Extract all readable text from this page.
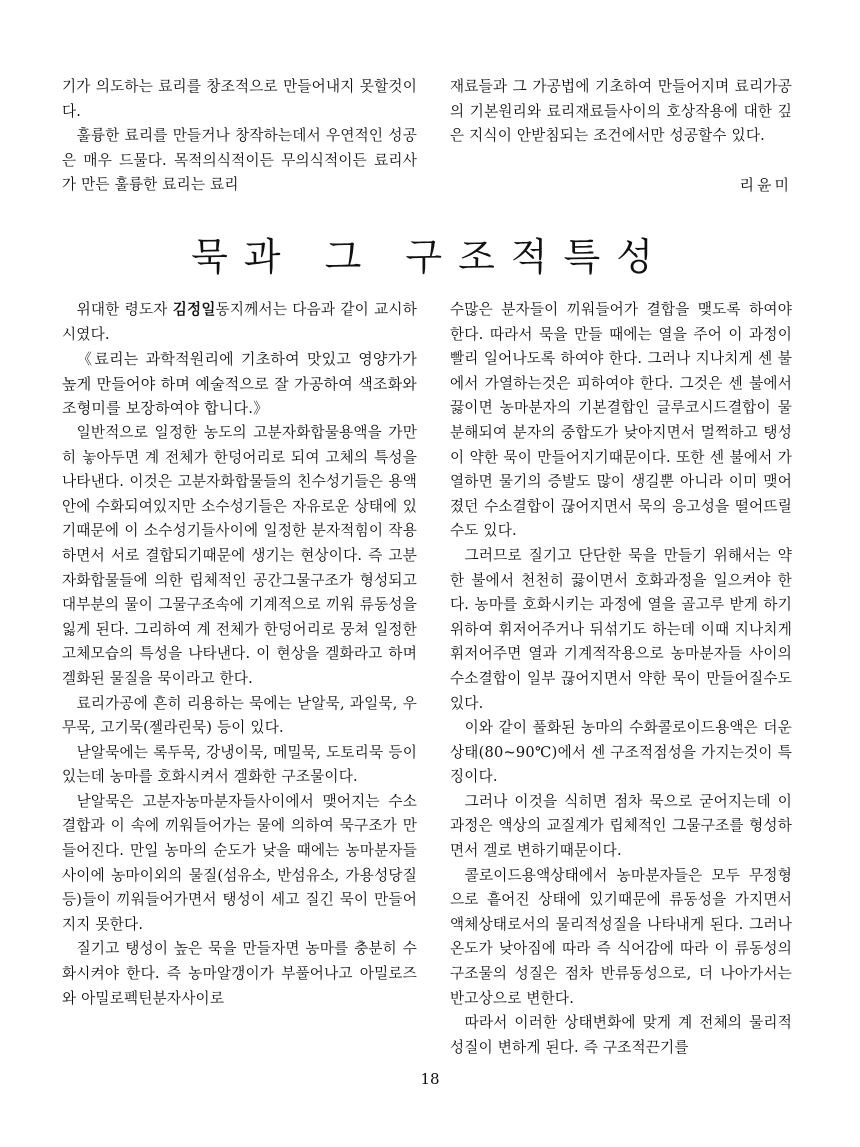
기가 의도하는 료리를 창조적으로 만들어내지 못할것이다.

훌륭한 료리를 만들거나 창작하는데서 우연적인 성공은 매우 드물다. 목적의식적이든 무의식적이든 료리사가 만든 훌륭한 료리는 료리

재료들과 그 가공법에 기초하여 만들어지며 료리가공의 기본원리와 료리재료들사이의 호상작용에 대한 깊은 지식이 안받침되는 조건에서만 성공할수 있다.

리윤미
묵과 그 구조적특성

위대한 령도자 김정일동지께서는 다음과 같이 교시하시였다.

《료리는 과학적원리에 기초하여 맛있고 영양가가 높게 만들어야 하며 예술적으로 잘 가공하여 색조화와 조형미를 보장하여야 합니다.》

일반적으로 일정한 농도의 고분자화합물용액을 가만히 놓아두면 계 전체가 한덩어리로 되여 고체의 특성을 나타낸다. 이것은 고분자화합물들의 친수성기들은 용액안에 수화되여있지만 소수성기들은 자유로운 상태에 있기때문에 이 소수성기들사이에 일정한 분자적힘이 작용하면서 서로 결합되기때문에 생기는 현상이다. 즉 고분자화합물들에 의한 립체적인 공간그물구조가 형성되고 대부분의 물이 그물구조속에 기계적으로 끼워 류동성을 잃게 된다. 그리하여 계 전체가 한덩어리로 뭉쳐 일정한 고체모습의 특성을 나타낸다. 이 현상을 겔화라고 하며 겔화된 물질을 묵이라고 한다.

료리가공에 흔히 리용하는 묵에는 낟알묵, 과일묵, 우무묵, 고기묵(젤라린묵) 등이 있다.

낟알묵에는 록두묵, 강냉이묵, 메밀묵, 도토리묵 등이 있는데 농마를 호화시켜서 겔화한 구조물이다.

낟알묵은 고분자농마분자들사이에서 맺어지는 수소결합과 이 속에 끼워들어가는 물에 의하여 묵구조가 만들어진다. 만일 농마의 순도가 낮을 때에는 농마분자들사이에 농마이외의 물질(섬유소, 반섬유소, 가용성당질 등)들이 끼워들어가면서 탱성이 세고 질긴 묵이 만들어지지 못한다.

질기고 탱성이 높은 묵을 만들자면 농마를 충분히 수화시켜야 한다. 즉 농마알갱이가 부풀어나고 아밀로즈와 아밀로펙틴분자사이로

수많은 분자들이 끼워들어가 결합을 맺도록 하여야 한다. 따라서 묵을 만들 때에는 열을 주어 이 과정이 빨리 일어나도록 하여야 한다. 그러나 지나치게 센 불에서 가열하는것은 피하여야 한다. 그것은 센 불에서 끓이면 농마분자의 기본결합인 글루코시드결합이 물분해되여 분자의 중합도가 낮아지면서 멀쩍하고 탱성이 약한 묵이 만들어지기때문이다. 또한 센 불에서 가열하면 물기의 증발도 많이 생길뿐 아니라 이미 맺어졌던 수소결합이 끊어지면서 묵의 응고성을 떨어뜨릴수도 있다.

그러므로 질기고 단단한 묵을 만들기 위해서는 약한 불에서 천천히 끓이면서 호화과정을 일으켜야 한다. 농마를 호화시키는 과정에 열을 골고루 받게 하기 위하여 휘저어주거나 뒤섞기도 하는데 이때 지나치게 휘저어주면 열과 기계적작용으로 농마분자들 사이의 수소결합이 일부 끊어지면서 약한 묵이 만들어질수도 있다.

이와 같이 풀화된 농마의 수화콜로이드용액은 더운 상태(80~90℃)에서 센 구조적점성을 가지는것이 특징이다.

그러나 이것을 식히면 점차 묵으로 굳어지는데 이 과정은 액상의 교질계가 립체적인 그물구조를 형성하면서 겔로 변하기때문이다.

콜로이드용액상태에서 농마분자들은 모두 무정형으로 흩어진 상태에 있기때문에 류동성을 가지면서 액체상태로서의 물리적성질을 나타내게 된다. 그러나 온도가 낮아짐에 따라 즉 식어감에 따라 이 류동성의 구조물의 성질은 점차 반류동성으로, 더 나아가서는 반고상으로 변한다.

따라서 이러한 상태변화에 맞게 계 전체의 물리적성질이 변하게 된다. 즉 구조적끈기를

18
